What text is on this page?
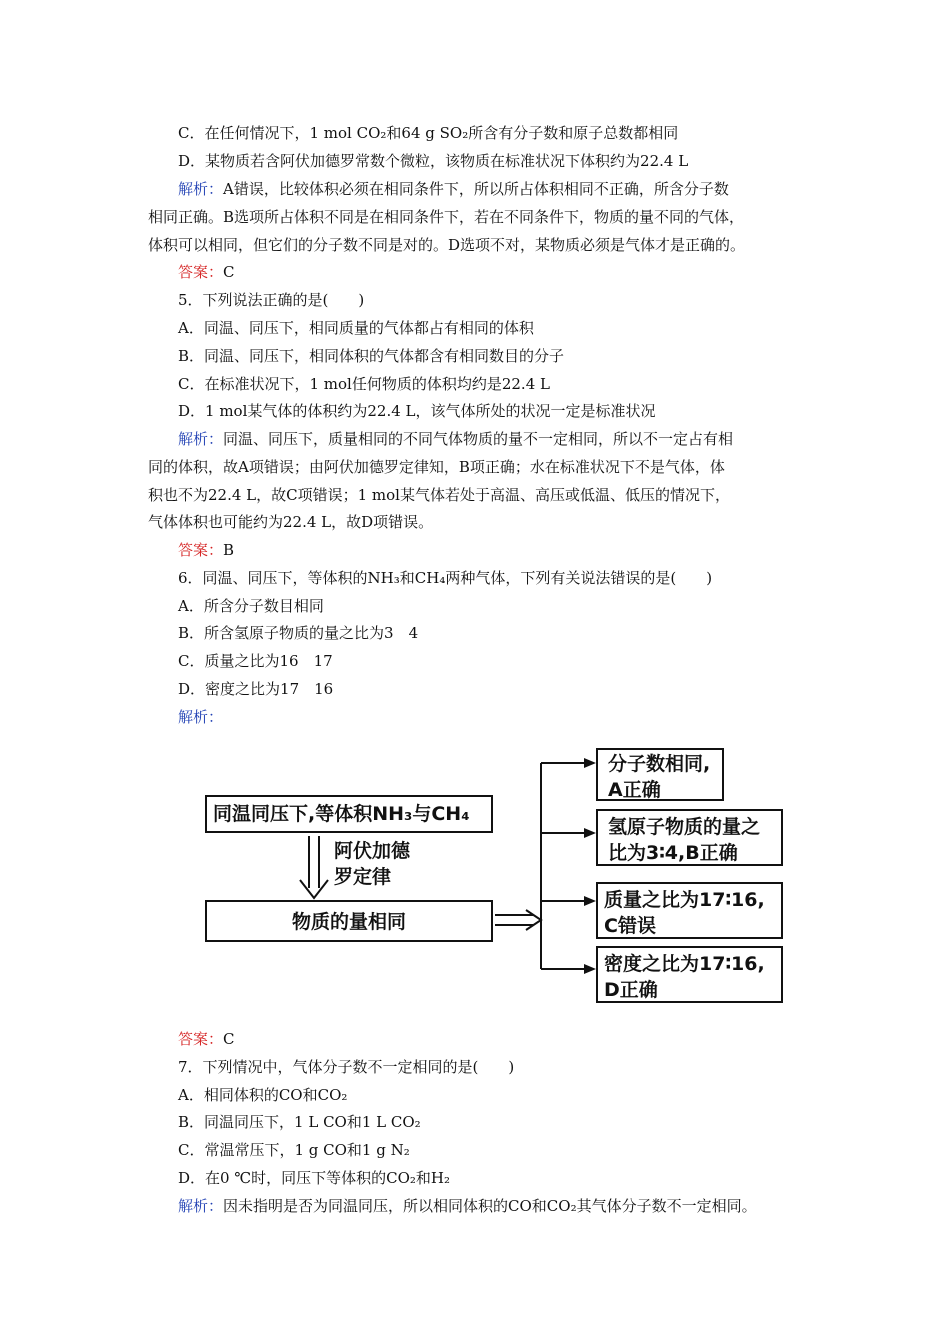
C．在任何情况下，1 mol CO₂和64 g SO₂所含有分子数和原子总数都相同
D．某物质若含阿伏加德罗常数个微粒，该物质在标准状况下体积约为22.4 L
解析：A错误，比较体积必须在相同条件下，所以所占体积相同不正确，所含分子数
相同正确。B选项所占体积不同是在相同条件下，若在不同条件下，物质的量不同的气体，
体积可以相同，但它们的分子数不同是对的。D选项不对，某物质必须是气体才是正确的。
答案：C
5．下列说法正确的是(　　)
A．同温、同压下，相同质量的气体都占有相同的体积
B．同温、同压下，相同体积的气体都含有相同数目的分子
C．在标准状况下，1 mol任何物质的体积均约是22.4 L
D．1 mol某气体的体积约为22.4 L，该气体所处的状况一定是标准状况
解析：同温、同压下，质量相同的不同气体物质的量不一定相同，所以不一定占有相
同的体积，故A项错误；由阿伏加德罗定律知，B项正确；水在标准状况下不是气体，体
积也不为22.4 L，故C项错误；1 mol某气体若处于高温、高压或低温、低压的情况下，
气体体积也可能约为22.4 L，故D项错误。
答案：B
6．同温、同压下，等体积的NH₃和CH₄两种气体，下列有关说法错误的是(　　)
A．所含分子数目相同
B．所含氢原子物质的量之比为3　4
C．质量之比为16　17
D．密度之比为17　16
解析：
同温同压下,等体积NH₃与CH₄
阿伏加德
罗定律
物质的量相同
分子数相同,
A正确
氢原子物质的量之
比为3∶4,B正确
质量之比为17∶16,
C错误
密度之比为17∶16,
D正确
答案：C
7．下列情况中，气体分子数不一定相同的是(　　)
A．相同体积的CO和CO₂
B．同温同压下，1 L CO和1 L CO₂
C．常温常压下，1 g CO和1 g N₂
D．在0 ℃时，同压下等体积的CO₂和H₂
解析：因未指明是否为同温同压，所以相同体积的CO和CO₂其气体分子数不一定相同。
